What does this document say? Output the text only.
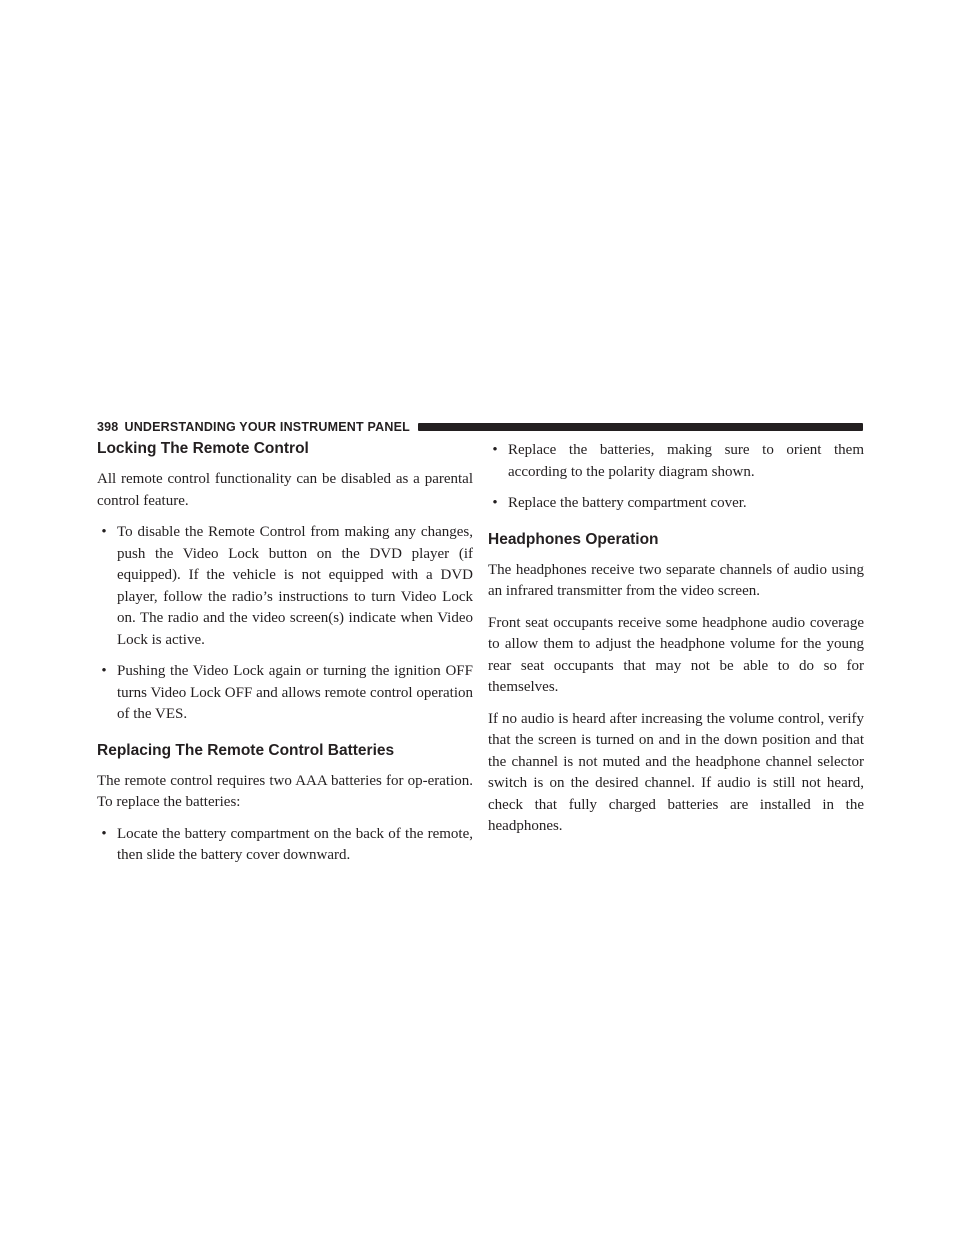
398 UNDERSTANDING YOUR INSTRUMENT PANEL
Locking The Remote Control

All remote control functionality can be disabled as a parental control feature.

• To disable the Remote Control from making any changes, push the Video Lock button on the DVD player (if equipped). If the vehicle is not equipped with a DVD player, follow the radio’s instructions to turn Video Lock on. The radio and the video screen(s) indicate when Video Lock is active.
• Pushing the Video Lock again or turning the ignition OFF turns Video Lock OFF and allows remote control operation of the VES.
Replacing The Remote Control Batteries

The remote control requires two AAA batteries for op-eration. To replace the batteries:

• Locate the battery compartment on the back of the remote, then slide the battery cover downward.
• Replace the batteries, making sure to orient them according to the polarity diagram shown.
• Replace the battery compartment cover.
Headphones Operation

The headphones receive two separate channels of audio using an infrared transmitter from the video screen.

Front seat occupants receive some headphone audio coverage to allow them to adjust the headphone volume for the young rear seat occupants that may not be able to do so for themselves.

If no audio is heard after increasing the volume control, verify that the screen is turned on and in the down position and that the channel is not muted and the headphone channel selector switch is on the desired channel. If audio is still not heard, check that fully charged batteries are installed in the headphones.
